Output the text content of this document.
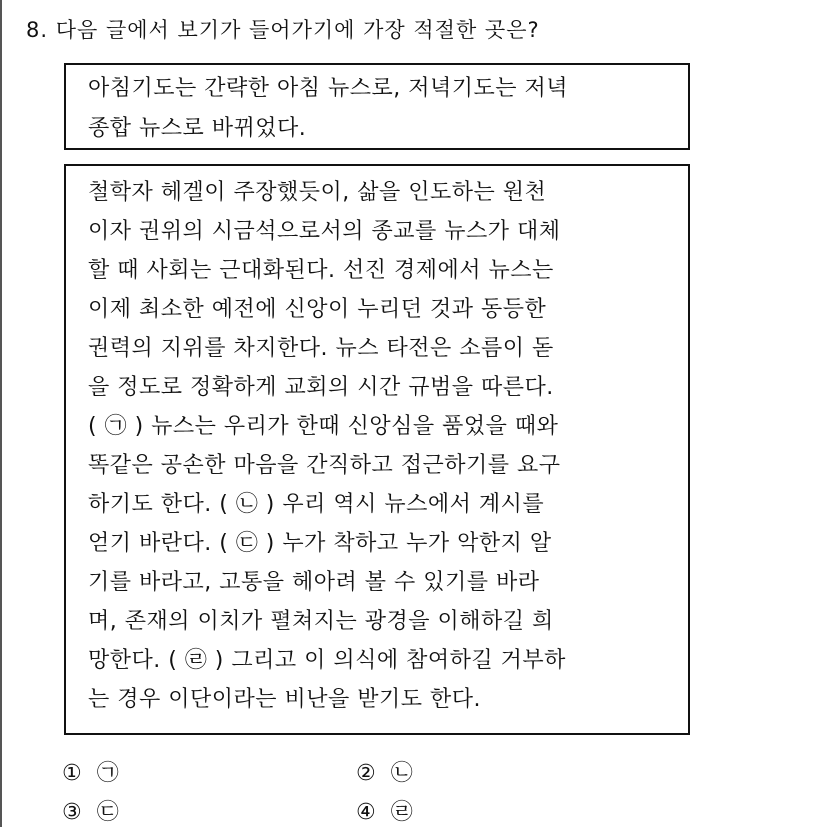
8. 다음 글에서 보기가 들어가기에 가장 적절한 곳은?
아침기도는 간략한 아침 뉴스로, 저녁기도는 저녁
종합 뉴스로 바뀌었다.
철학자 헤겔이 주장했듯이, 삶을 인도하는 원천
이자 권위의 시금석으로서의 종교를 뉴스가 대체
할 때 사회는 근대화된다. 선진 경제에서 뉴스는
이제 최소한 예전에 신앙이 누리던 것과 동등한
권력의 지위를 차지한다. 뉴스 타전은 소름이 돋
을 정도로 정확하게 교회의 시간 규범을 따른다.
( ㉠ ) 뉴스는 우리가 한때 신앙심을 품었을 때와
똑같은 공손한 마음을 간직하고 접근하기를 요구
하기도 한다. ( ㉡ ) 우리 역시 뉴스에서 계시를
얻기 바란다. ( ㉢ ) 누가 착하고 누가 악한지 알
기를 바라고, 고통을 헤아려 볼 수 있기를 바라
며, 존재의 이치가 펼쳐지는 광경을 이해하길 희
망한다. ( ㉣ ) 그리고 이 의식에 참여하길 거부하
는 경우 이단이라는 비난을 받기도 한다.
① ㉠	② ㉡
③ ㉢	④ ㉣
